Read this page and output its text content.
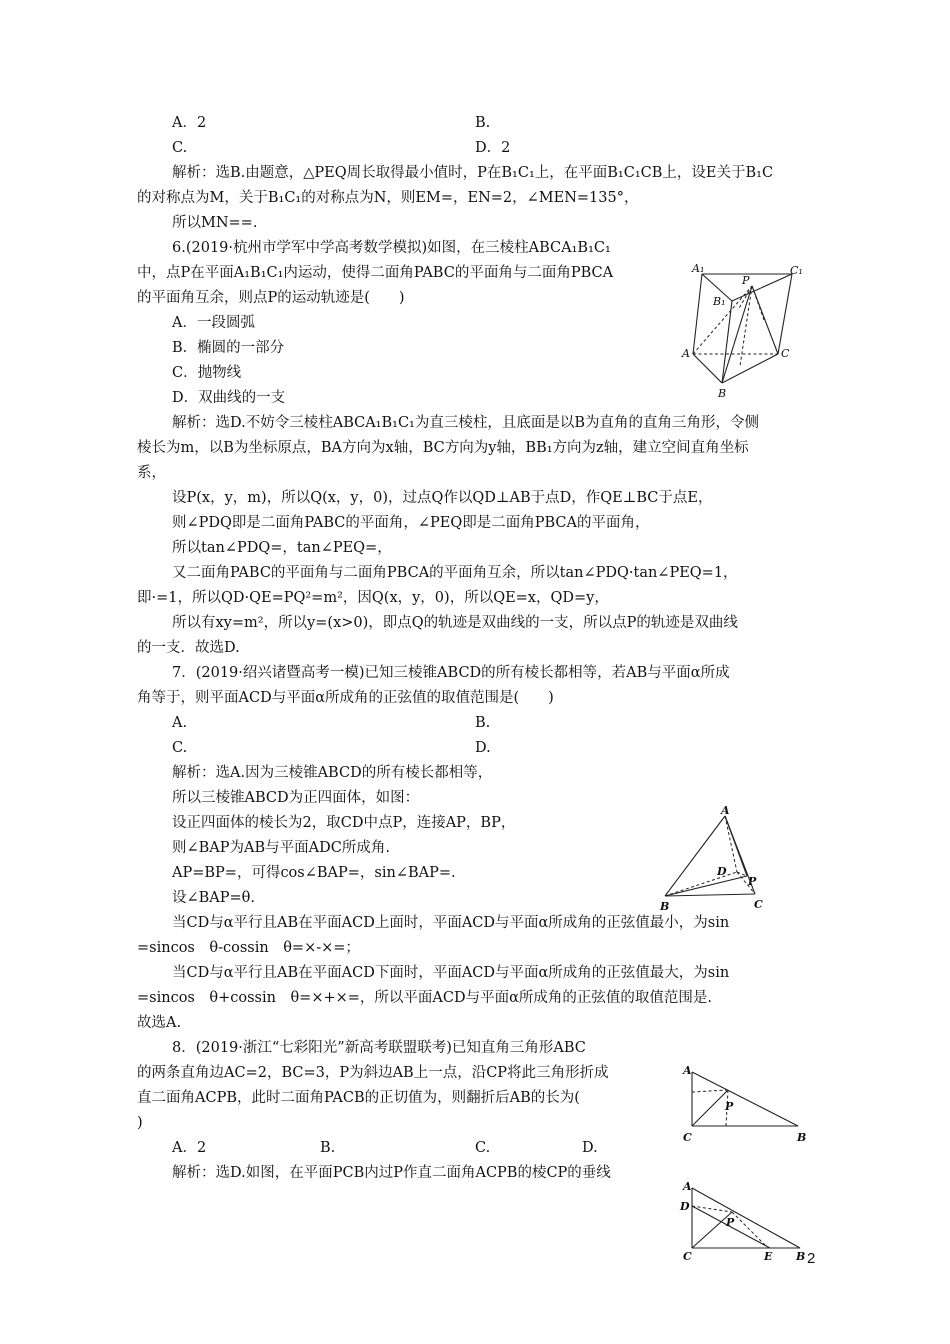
A．2	B.
C.	D．2
解析：选B.由题意，△PEQ周长取得最小值时，P在B₁C₁上，在平面B₁C₁CB上，设E关于B₁C
的对称点为M，关于B₁C₁的对称点为N，则EM=，EN=2，∠MEN=135°，
所以MN==.
6.(2019·杭州市学军中学高考数学模拟)如图，在三棱柱ABCA₁B₁C₁
中，点P在平面A₁B₁C₁内运动，使得二面角PABC的平面角与二面角PBCA
的平面角互余，则点P的运动轨迹是(　　)
A．一段圆弧
B．椭圆的一部分
C．抛物线
D．双曲线的一支
解析：选D.不妨令三棱柱ABCA₁B₁C₁为直三棱柱，且底面是以B为直角的直角三角形，令侧
棱长为m，以B为坐标原点，BA方向为x轴，BC方向为y轴，BB₁方向为z轴，建立空间直角坐标
系，
设P(x，y，m)，所以Q(x，y，0)，过点Q作以QD⊥AB于点D，作QE⊥BC于点E，
则∠PDQ即是二面角PABC的平面角，∠PEQ即是二面角PBCA的平面角，
所以tan∠PDQ=，tan∠PEQ=，
又二面角PABC的平面角与二面角PBCA的平面角互余，所以tan∠PDQ·tan∠PEQ=1，
即·=1，所以QD·QE=PQ²=m²，因Q(x，y，0)，所以QE=x，QD=y，
所以有xy=m²，所以y=(x>0)，即点Q的轨迹是双曲线的一支，所以点P的轨迹是双曲线
的一支．故选D.
7．(2019·绍兴诸暨高考一模)已知三棱锥ABCD的所有棱长都相等，若AB与平面α所成
角等于，则平面ACD与平面α所成角的正弦值的取值范围是(　　)
A.	B.
C.	D.
解析：选A.因为三棱锥ABCD的所有棱长都相等，
所以三棱锥ABCD为正四面体，如图：
设正四面体的棱长为2，取CD中点P，连接AP，BP，
则∠BAP为AB与平面ADC所成角.
AP=BP=，可得cos∠BAP=，sin∠BAP=.
设∠BAP=θ.
当CD与α平行且AB在平面ACD上面时，平面ACD与平面α所成角的正弦值最小，为sin
=sincos　θ-cossin　θ=×-×=；
当CD与α平行且AB在平面ACD下面时，平面ACD与平面α所成角的正弦值最大，为sin
=sincos　θ+cossin　θ=×+×=，所以平面ACD与平面α所成角的正弦值的取值范围是.
故选A.
8．(2019·浙江“七彩阳光”新高考联盟联考)已知直角三角形ABC
的两条直角边AC=2，BC=3，P为斜边AB上一点，沿CP将此三角形折成
直二面角ACPB，此时二面角PACB的正切值为，则翻折后AB的长为(
)
A．2	B.	C.	D.
解析：选D.如图，在平面PCB内过P作直二面角ACPB的棱CP的垂线
A₁	C₁
B₁
P
A	C
B
A
D
P
B	C
A
P
C	B
A
D
P
C	E B 2
